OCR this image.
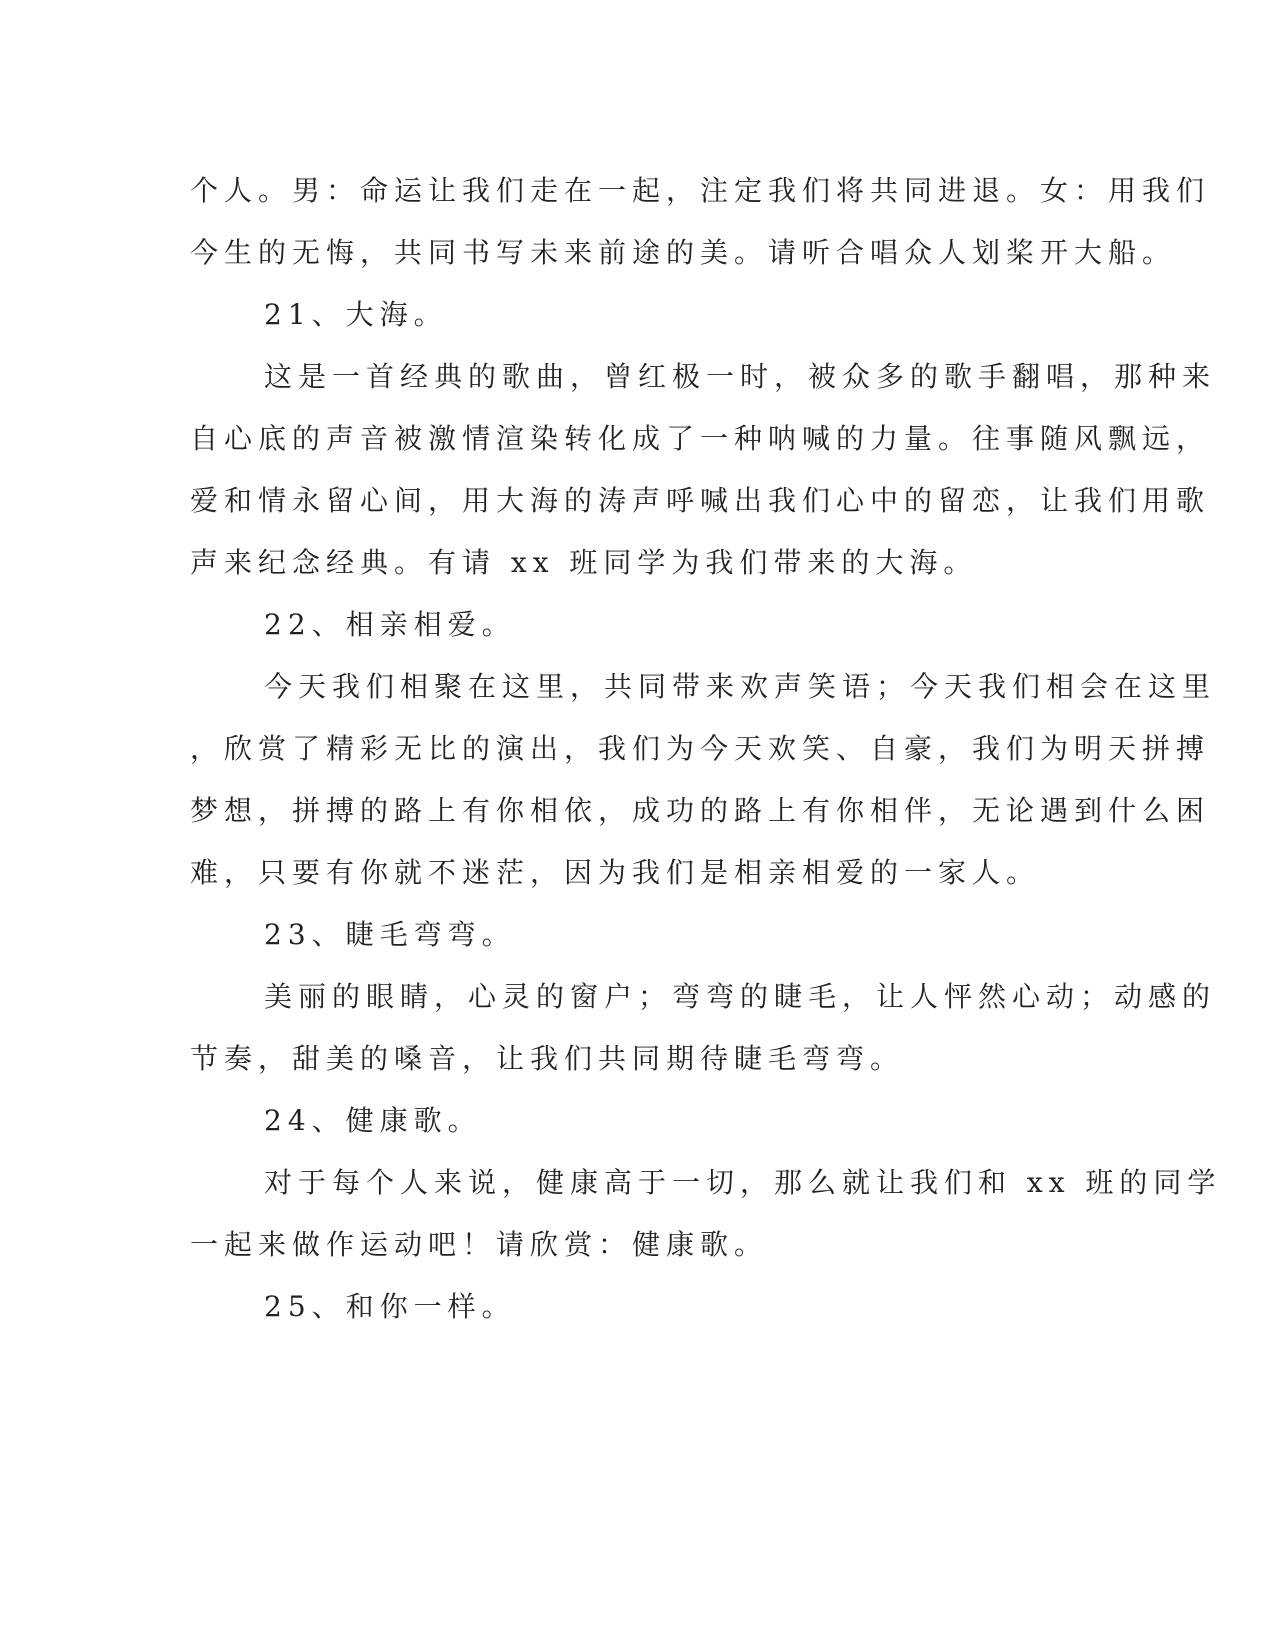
个人。男：命运让我们走在一起，注定我们将共同进退。女：用我们
今生的无悔，共同书写未来前途的美。请听合唱众人划桨开大船。
21、大海。
这是一首经典的歌曲，曾红极一时，被众多的歌手翻唱，那种来
自心底的声音被激情渲染转化成了一种呐喊的力量。往事随风飘远，
爱和情永留心间，用大海的涛声呼喊出我们心中的留恋，让我们用歌
声来纪念经典。有请 xx 班同学为我们带来的大海。
22、相亲相爱。
今天我们相聚在这里，共同带来欢声笑语；今天我们相会在这里
，欣赏了精彩无比的演出，我们为今天欢笑、自豪，我们为明天拼搏
梦想，拼搏的路上有你相依，成功的路上有你相伴，无论遇到什么困
难，只要有你就不迷茫，因为我们是相亲相爱的一家人。
23、睫毛弯弯。
美丽的眼睛，心灵的窗户；弯弯的睫毛，让人怦然心动；动感的
节奏，甜美的嗓音，让我们共同期待睫毛弯弯。
24、健康歌。
对于每个人来说，健康高于一切，那么就让我们和 xx 班的同学
一起来做作运动吧！请欣赏：健康歌。
25、和你一样。
